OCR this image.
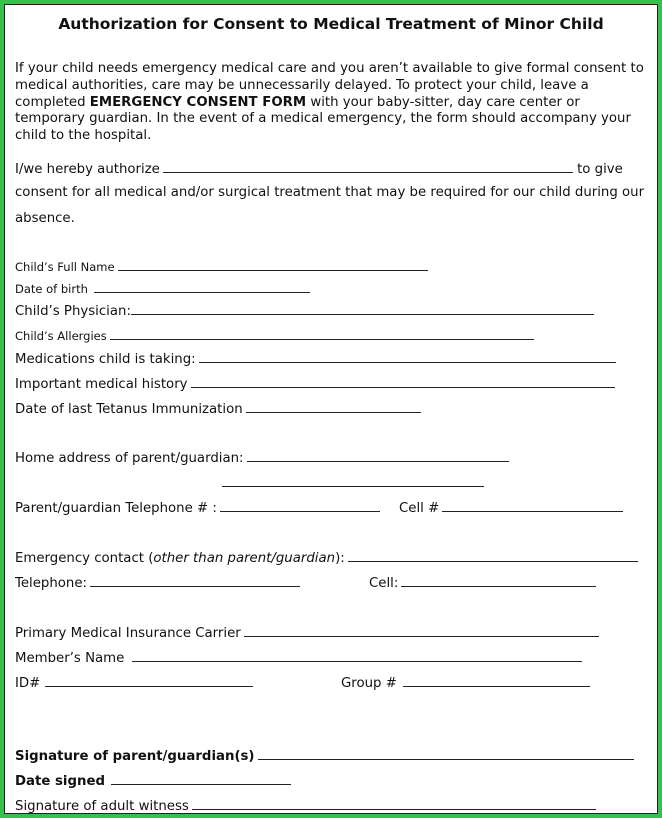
Authorization for Consent to Medical Treatment of Minor Child
If your child needs emergency medical care and you aren’t available to give formal consent to medical authorities, care may be unnecessarily delayed. To protect your child, leave a completed EMERGENCY CONSENT FORM with your baby-sitter, day care center or temporary guardian. In the event of a medical emergency, the form should accompany your child to the hospital.
I/we hereby authorize	to give
consent for all medical and/or surgical treatment that may be required for our child during our
absence.
Child’s Full Name
Date of birth
Child’s Physician:
Child’s Allergies
Medications child is taking:
Important medical history
Date of last Tetanus Immunization
Home address of parent/guardian:
Parent/guardian Telephone # :	Cell #
Emergency contact (other than parent/guardian):
Telephone:	Cell:
Primary Medical Insurance Carrier
Member’s Name
ID#	Group #
Signature of parent/guardian(s)
Date signed
Signature of adult witness
